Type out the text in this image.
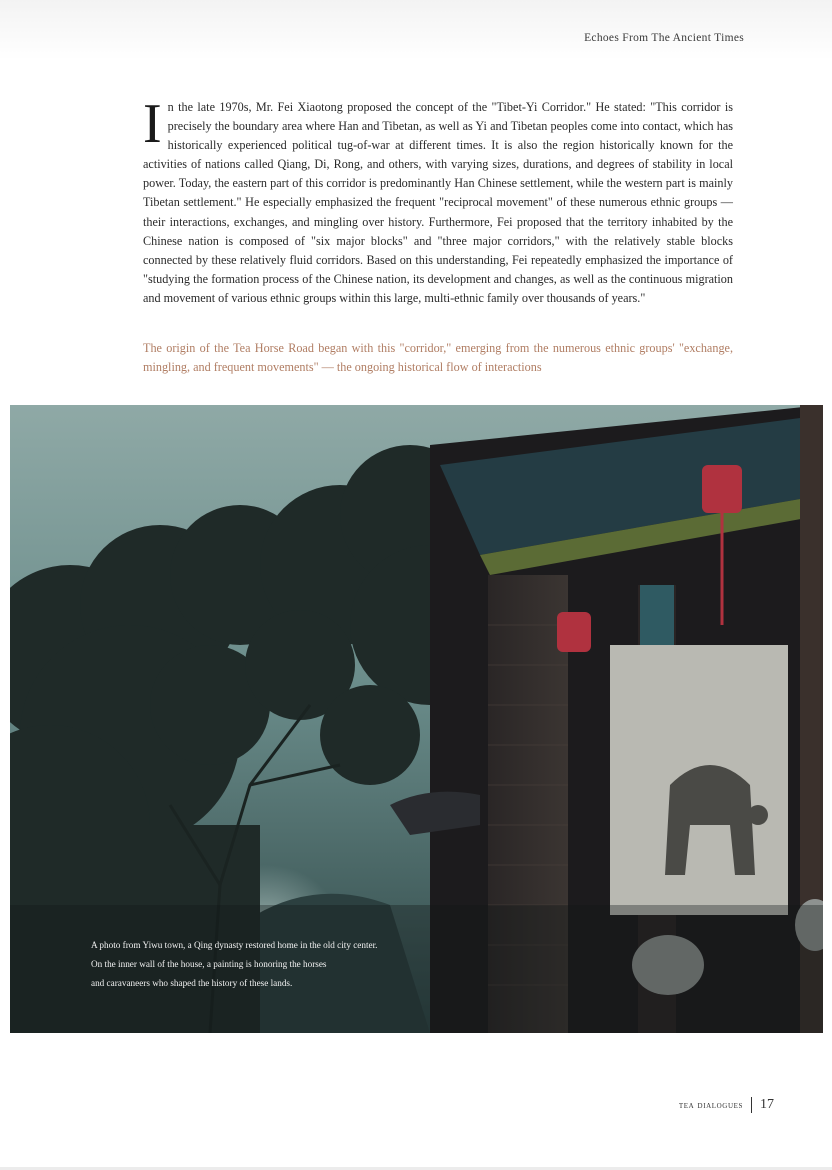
Echoes From The Ancient Times
I n the late 1970s, Mr. Fei Xiaotong proposed the concept of the "Tibet-Yi Corridor." He stated: "This corridor is precisely the boundary area where Han and Tibetan, as well as Yi and Tibetan peoples come into contact, which has historically experienced political tug-of-war at different times. It is also the region historically known for the activities of nations called Qiang, Di, Rong, and others, with varying sizes, durations, and degrees of stability in local power. Today, the eastern part of this corridor is predominantly Han Chinese settlement, while the western part is mainly Tibetan settlement." He especially emphasized the frequent "reciprocal movement" of these numerous ethnic groups — their interactions, exchanges, and mingling over history. Furthermore, Fei proposed that the territory inhabited by the Chinese nation is composed of "six major blocks" and "three major corridors," with the relatively stable blocks connected by these relatively fluid corridors. Based on this understanding, Fei repeatedly emphasized the importance of "studying the formation process of the Chinese nation, its development and changes, as well as the continuous migration and movement of various ethnic groups within this large, multi-ethnic family over thousands of years."
The origin of the Tea Horse Road began with this "corridor," emerging from the numerous ethnic groups' "exchange, mingling, and frequent movements" — the ongoing historical flow of interactions
A photo from Yiwu town, a Qing dynasty restored home in the old city center.
On the inner wall of the house, a painting is honoring the horses
and caravaneers who shaped the history of these lands.
tea dialogues 17
